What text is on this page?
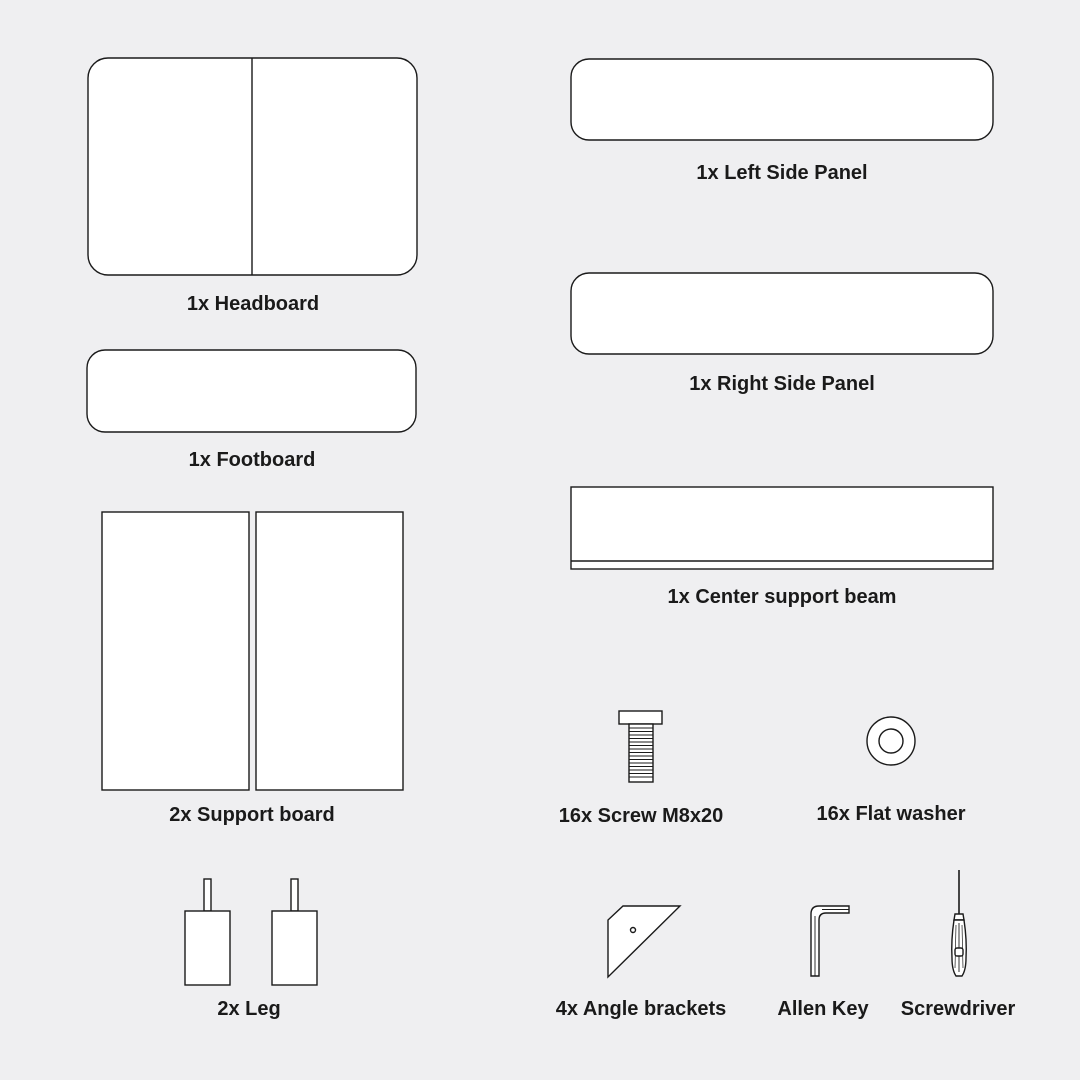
1x Headboard
1x Footboard
2x Support board
2x Leg
1x Left Side Panel
1x Right Side Panel
1x Center support beam
16x Screw M8x20	16x Flat washer
4x Angle brackets	Allen Key Screwdriver
